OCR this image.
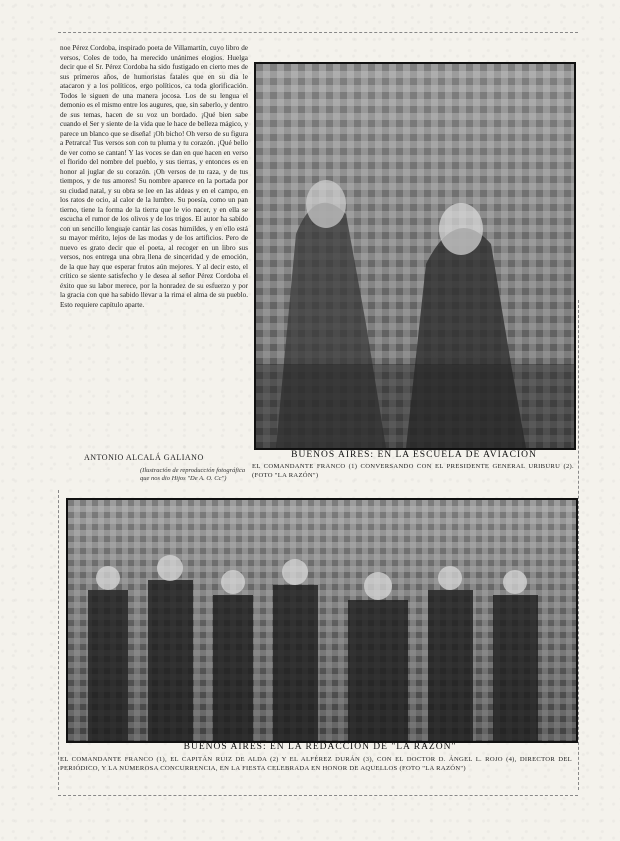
noe Pérez Cordoba, inspirado poeta de Villamartín, cuyo libro de versos, Coles de todo, ha merecido unánimes elogios. Huelga decir que el Sr. Pérez Cordoba ha sido fustigado en cierto mes de sus primeros años, de humoristas fatales que en su dia le atacaron y a los políticos, ergo políticos, ca toda glorificación. Todos le siguen de una manera jocosa. Los de su lengua el demonio es el mismo entre los augures, que, sin saberlo, y dentro de sus temas, hacen de su voz un bordado. ¡Qué bien sabe cuando el Ser y siente de la vida que le hace de belleza mágico, y parece un blanco que se diseña! ¡Oh bicho! Oh verso de su figura a Petrarca! Tus versos son con tu pluma y tu corazón. ¡Qué bello de ver como se cantan! Y las voces se dan en que hacen en verso el florido del nombre del pueblo, y sus tierras, y entonces es en honor al juglar de su corazón. ¡Oh versos de tu raza, y de tus tiempos, y de tus amores! Su nombre aparece en la portada por su ciudad natal, y su obra se lee en las aldeas y en el campo, en los ratos de ocio, al calor de la lumbre. Su poesía, como un pan tierno, tiene la forma de la tierra que le vio nacer, y en ella se escucha el rumor de los olivos y de los trigos. El autor ha sabido con un sencillo lenguaje cantar las cosas humildes, y en ello está su mayor mérito, lejos de las modas y de los artificios. Pero de nuevo es grato decir que el poeta, al recoger en un libro sus versos, nos entrega una obra llena de sinceridad y de emoción, de la que hay que esperar frutos aún mejores. Y al decir esto, el crítico se siente satisfecho y le desea al señor Pérez Cordoba el éxito que su labor merece, por la honradez de su esfuerzo y por la gracia con que ha sabido llevar a la rima el alma de su pueblo. Esto requiere capítulo aparte.

ANTONIO ALCALÁ GALIANO
(Ilustración de reproducción fotográfica que nos dio Hijos "De A. O. Cc")
BUENOS AIRES: EN LA ESCUELA DE AVIACIÓN
EL COMANDANTE FRANCO (1) CONVERSANDO CON EL PRESIDENTE GENERAL URIBURU (2). (FOTO "LA RAZÓN")
BUENOS AIRES: EN LA REDACCIÓN DE "LA RAZÓN"
EL COMANDANTE FRANCO (1), EL CAPITÁN RUIZ DE ALDA (2) Y EL ALFÉREZ DURÁN (3), CON EL DOCTOR D. ÁNGEL L. ROJO (4), DIRECTOR DEL PERIÓDICO, Y LA NUMEROSA CONCURRENCIA, EN LA FIESTA CELEBRADA EN HONOR DE AQUELLOS (FOTO "LA RAZÓN")
